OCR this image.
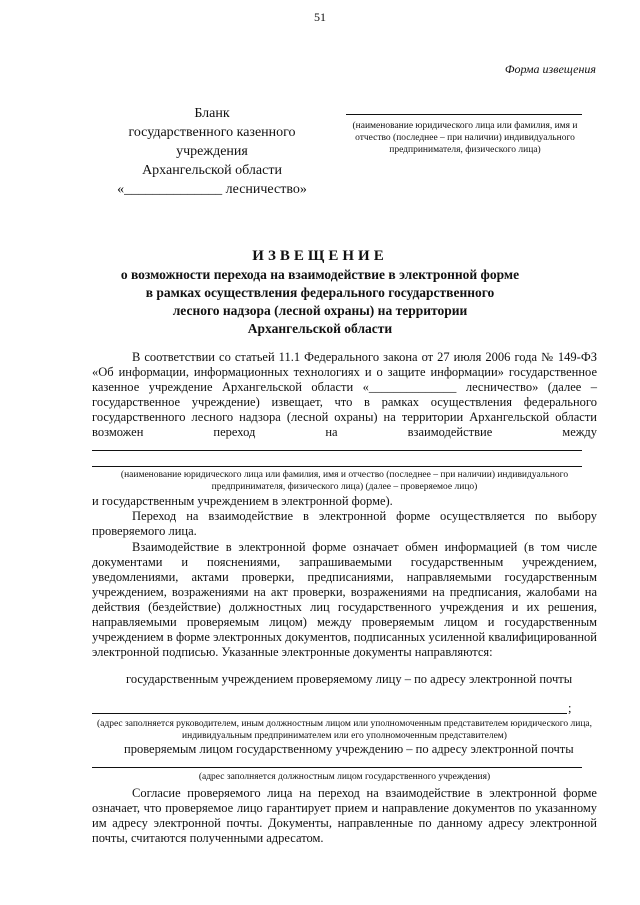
51
Форма извещения
Бланк
государственного казенного
учреждения
Архангельской области
«______________ лесничество»
(наименование юридического лица или фамилия, имя и отчество (последнее – при наличии) индивидуального предпринимателя, физического лица)
ИЗВЕЩЕНИЕ
о возможности перехода на взаимодействие в электронной форме
в рамках осуществления федерального государственного
лесного надзора (лесной охраны) на территории
Архангельской области
В соответствии со статьей 11.1 Федерального закона от 27 июля 2006 года № 149-ФЗ «Об информации, информационных технологиях и о защите информации» государственное казенное учреждение Архангельской области «______________ лесничество» (далее – государственное учреждение) извещает, что в рамках осуществления федерального государственного лесного надзора (лесной охраны) на территории Архангельской области возможен переход на взаимодействие между
(наименование юридического лица или фамилия, имя и отчество (последнее – при наличии) индивидуального предпринимателя, физического лица) (далее – проверяемое лицо)
и государственным учреждением в электронной форме).
Переход на взаимодействие в электронной форме осуществляется по выбору проверяемого лица.
Взаимодействие в электронной форме означает обмен информацией (в том числе документами и пояснениями, запрашиваемыми государственным учреждением, уведомлениями, актами проверки, предписаниями, направляемыми государственным учреждением, возражениями на акт проверки, возражениями на предписания, жалобами на действия (бездействие) должностных лиц государственного учреждения и их решения, направляемыми проверяемым лицом) между проверяемым лицом и государственным учреждением в форме электронных документов, подписанных усиленной квалифицированной электронной подписью. Указанные электронные документы направляются:
государственным учреждением проверяемому лицу – по адресу электронной почты
;
(адрес заполняется руководителем, иным должностным лицом или уполномоченным представителем юридического лица, индивидуальным предпринимателем или его уполномоченным представителем)
проверяемым лицом государственному учреждению – по адресу электронной почты
(адрес заполняется должностным лицом государственного учреждения)
Согласие проверяемого лица на переход на взаимодействие в электронной форме означает, что проверяемое лицо гарантирует прием и направление документов по указанному им адресу электронной почты. Документы, направленные по данному адресу электронной почты, считаются полученными адресатом.
